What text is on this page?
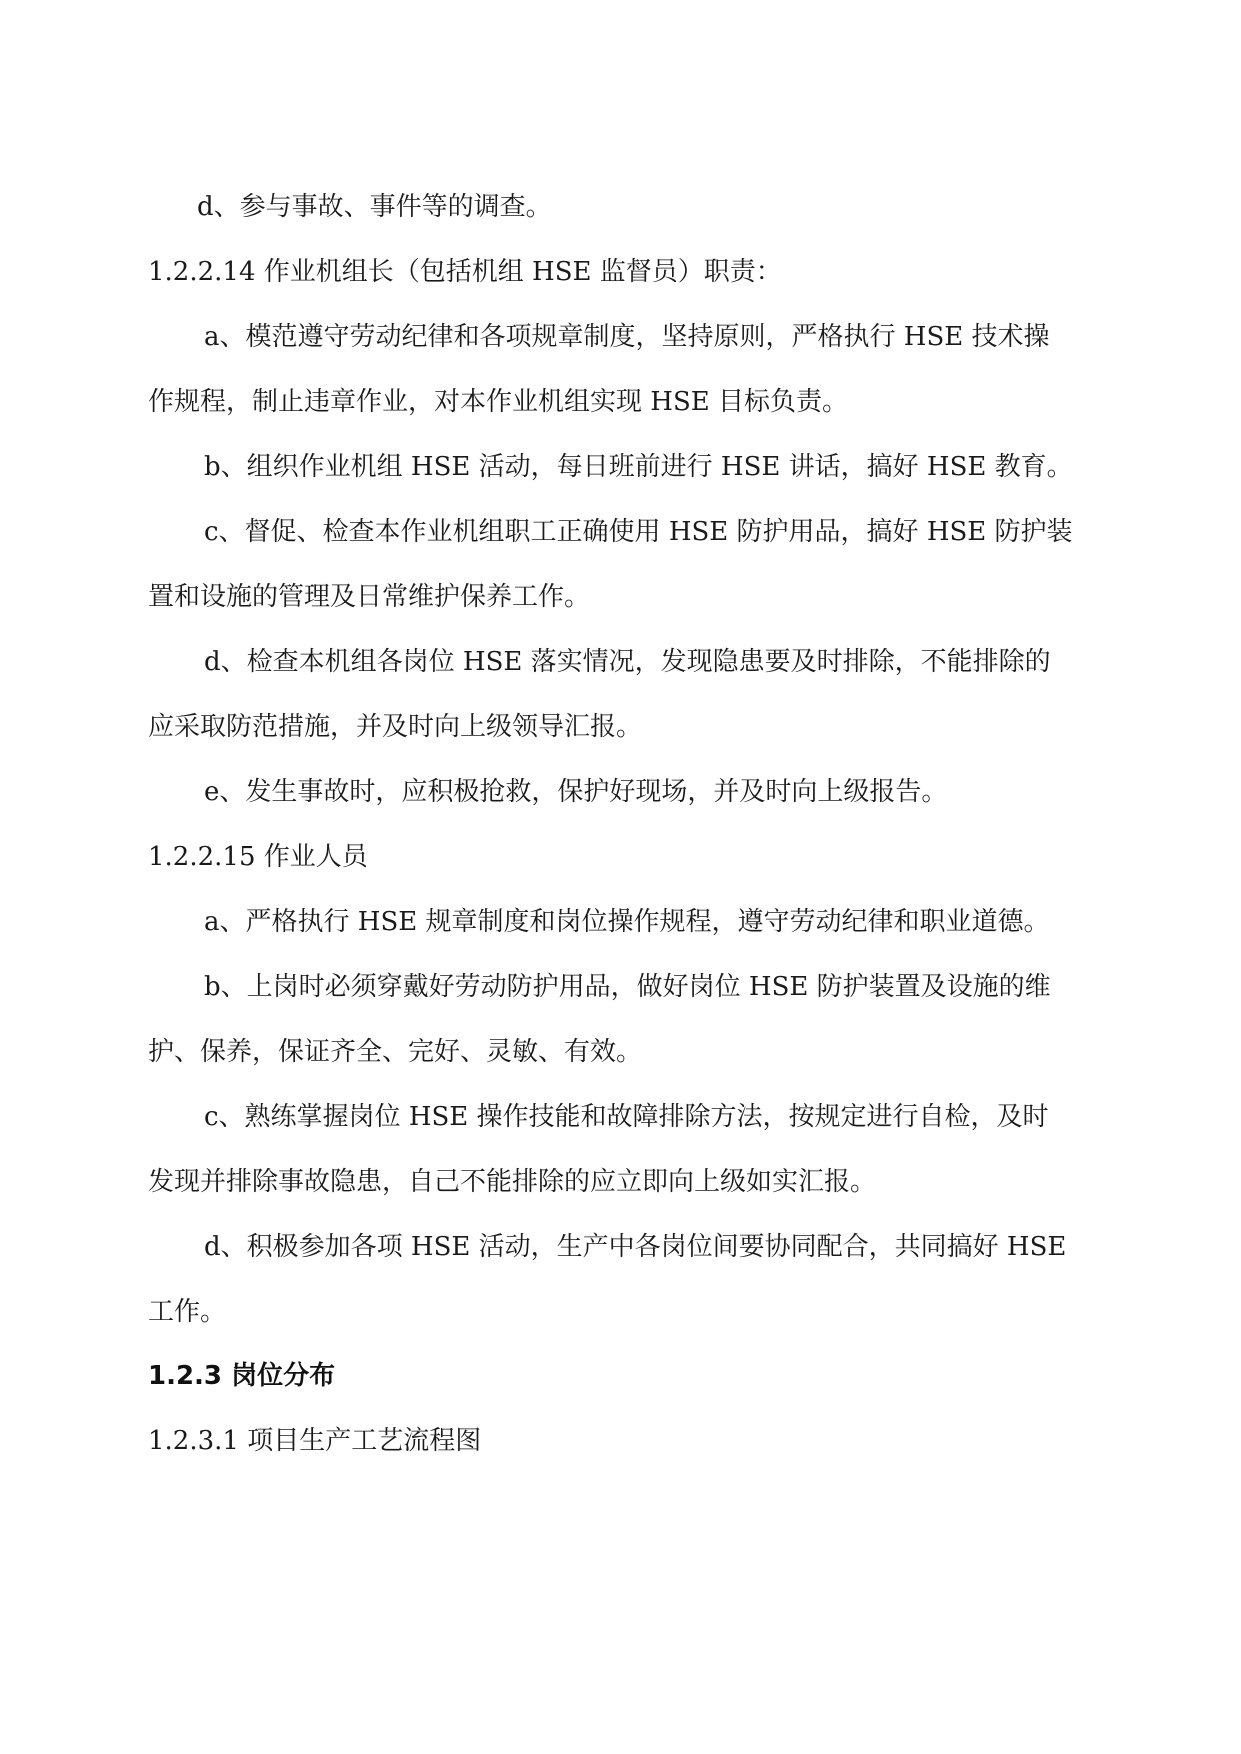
d、参与事故、事件等的调查。

1.2.2.14 作业机组长（包括机组 HSE 监督员）职责：

a、模范遵守劳动纪律和各项规章制度，坚持原则，严格执行 HSE 技术操

作规程，制止违章作业，对本作业机组实现 HSE 目标负责。

b、组织作业机组 HSE 活动，每日班前进行 HSE 讲话，搞好 HSE 教育。

c、督促、检查本作业机组职工正确使用 HSE 防护用品，搞好 HSE 防护装

置和设施的管理及日常维护保养工作。

d、检查本机组各岗位 HSE 落实情况，发现隐患要及时排除，不能排除的

应采取防范措施，并及时向上级领导汇报。

e、发生事故时，应积极抢救，保护好现场，并及时向上级报告。

1.2.2.15 作业人员

a、严格执行 HSE 规章制度和岗位操作规程，遵守劳动纪律和职业道德。

b、上岗时必须穿戴好劳动防护用品，做好岗位 HSE 防护装置及设施的维

护、保养，保证齐全、完好、灵敏、有效。

c、熟练掌握岗位 HSE 操作技能和故障排除方法，按规定进行自检，及时

发现并排除事故隐患，自己不能排除的应立即向上级如实汇报。

d、积极参加各项 HSE 活动，生产中各岗位间要协同配合，共同搞好 HSE

工作。

1.2.3 岗位分布

1.2.3.1 项目生产工艺流程图
